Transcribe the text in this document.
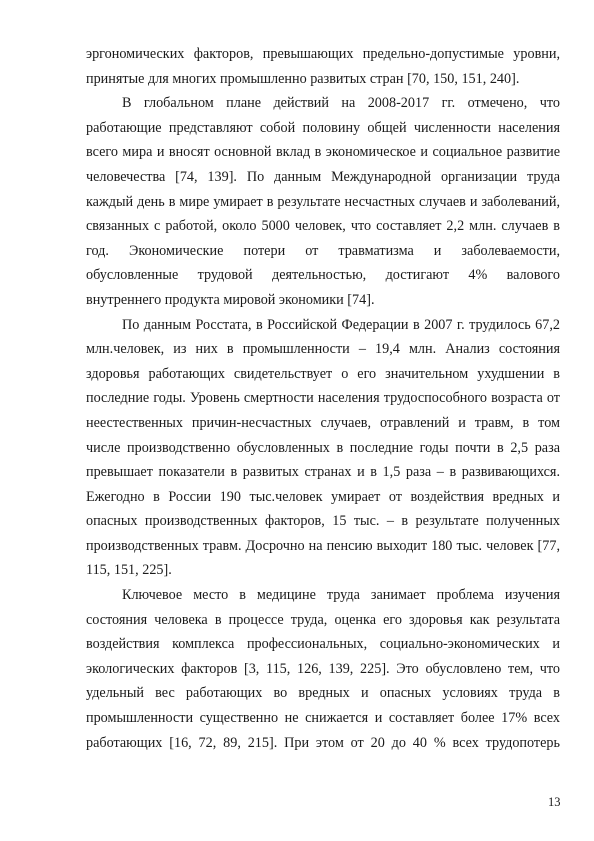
эргономических факторов, превышающих предельно-допустимые уровни,
принятые для многих промышленно развитых стран [70, 150, 151, 240].
В глобальном плане действий на 2008-2017 гг. отмечено, что
работающие представляют собой половину общей численности населения
всего мира и вносят основной вклад в экономическое и социальное развитие
человечества [74, 139]. По данным Международной организации труда
каждый день в мире умирает в результате несчастных случаев и заболеваний,
связанных с работой, около 5000 человек, что составляет 2,2 млн. случаев в
год. Экономические потери от травматизма и заболеваемости,
обусловленные трудовой деятельностью, достигают 4% валового
внутреннего продукта мировой экономики [74].
По данным Росстата, в Российской Федерации в 2007 г. трудилось 67,2
млн.человек, из них в промышленности – 19,4 млн. Анализ состояния
здоровья работающих свидетельствует о его значительном ухудшении в
последние годы. Уровень смертности населения трудоспособного возраста от
неестественных причин-несчастных случаев, отравлений и травм, в том
числе производственно обусловленных в последние годы почти в 2,5 раза
превышает показатели в развитых странах и в 1,5 раза – в развивающихся.
Ежегодно в России 190 тыс.человек умирает от воздействия вредных и
опасных производственных факторов, 15 тыс. – в результате полученных
производственных травм. Досрочно на пенсию выходит 180 тыс. человек [77,
115, 151, 225].
Ключевое место в медицине труда занимает проблема изучения
состояния человека в процессе труда, оценка его здоровья как результата
воздействия комплекса профессиональных, социально-экономических и
экологических факторов [3, 115, 126, 139, 225]. Это обусловлено тем, что
удельный вес работающих во вредных и опасных условиях труда в
промышленности существенно не снижается и составляет более 17% всех
работающих [16, 72, 89, 215]. При этом от 20 до 40 % всех трудопотерь
13
